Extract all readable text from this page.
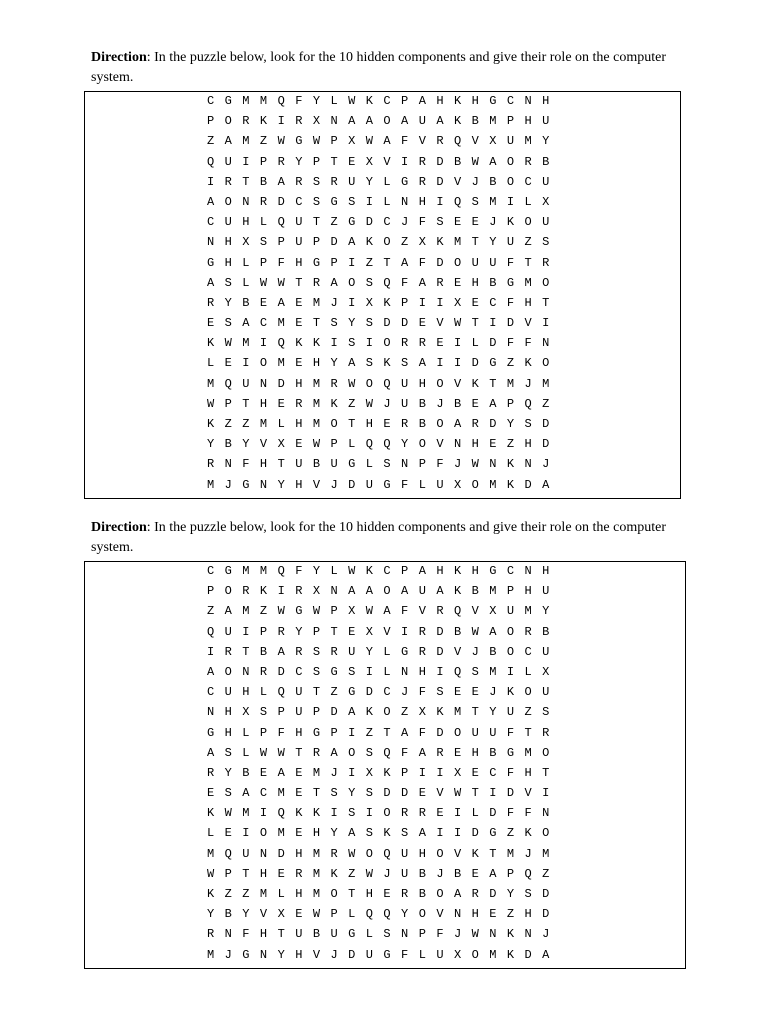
Direction: In the puzzle below, look for the 10 hidden components and give their role on the computer system.
C G M M Q F Y L W K C P A H K H G C N H
P O R K I R X N A A O A U A K B M P H U
Z A M Z W G W P X W A F V R Q V X U M Y
Q U I P R Y P T E X V I R D B W A O R B
I R T B A R S R U Y L G R D V J B O C U
A O N R D C S G S I L N H I Q S M I L X
C U H L Q U T Z G D C J F S E E J K O U
N H X S P U P D A K O Z X K M T Y U Z S
G H L P F H G P I Z T A F D O U U F T R
A S L W W T R A O S Q F A R E H B G M O
R Y B E A E M J I X K P I I X E C F H T
E S A C M E T S Y S D D E V W T I D V I
K W M I Q K K I S I O R R E I L D F F N
L E I O M E H Y A S K S A I I D G Z K O
M Q U N D H M R W O Q U H O V K T M J M
W P T H E R M K Z W J U B J B E A P Q Z
K Z Z M L H M O T H E R B O A R D Y S D
Y B Y V X E W P L Q Q Y O V N H E Z H D
R N F H T U B U G L S N P F J W N K N J
M J G N Y H V J D U G F L U X O M K D A
Direction: In the puzzle below, look for the 10 hidden components and give their role on the computer system.
C G M M Q F Y L W K C P A H K H G C N H
P O R K I R X N A A O A U A K B M P H U
Z A M Z W G W P X W A F V R Q V X U M Y
Q U I P R Y P T E X V I R D B W A O R B
I R T B A R S R U Y L G R D V J B O C U
A O N R D C S G S I L N H I Q S M I L X
C U H L Q U T Z G D C J F S E E J K O U
N H X S P U P D A K O Z X K M T Y U Z S
G H L P F H G P I Z T A F D O U U F T R
A S L W W T R A O S Q F A R E H B G M O
R Y B E A E M J I X K P I I X E C F H T
E S A C M E T S Y S D D E V W T I D V I
K W M I Q K K I S I O R R E I L D F F N
L E I O M E H Y A S K S A I I D G Z K O
M Q U N D H M R W O Q U H O V K T M J M
W P T H E R M K Z W J U B J B E A P Q Z
K Z Z M L H M O T H E R B O A R D Y S D
Y B Y V X E W P L Q Q Y O V N H E Z H D
R N F H T U B U G L S N P F J W N K N J
M J G N Y H V J D U G F L U X O M K D A
